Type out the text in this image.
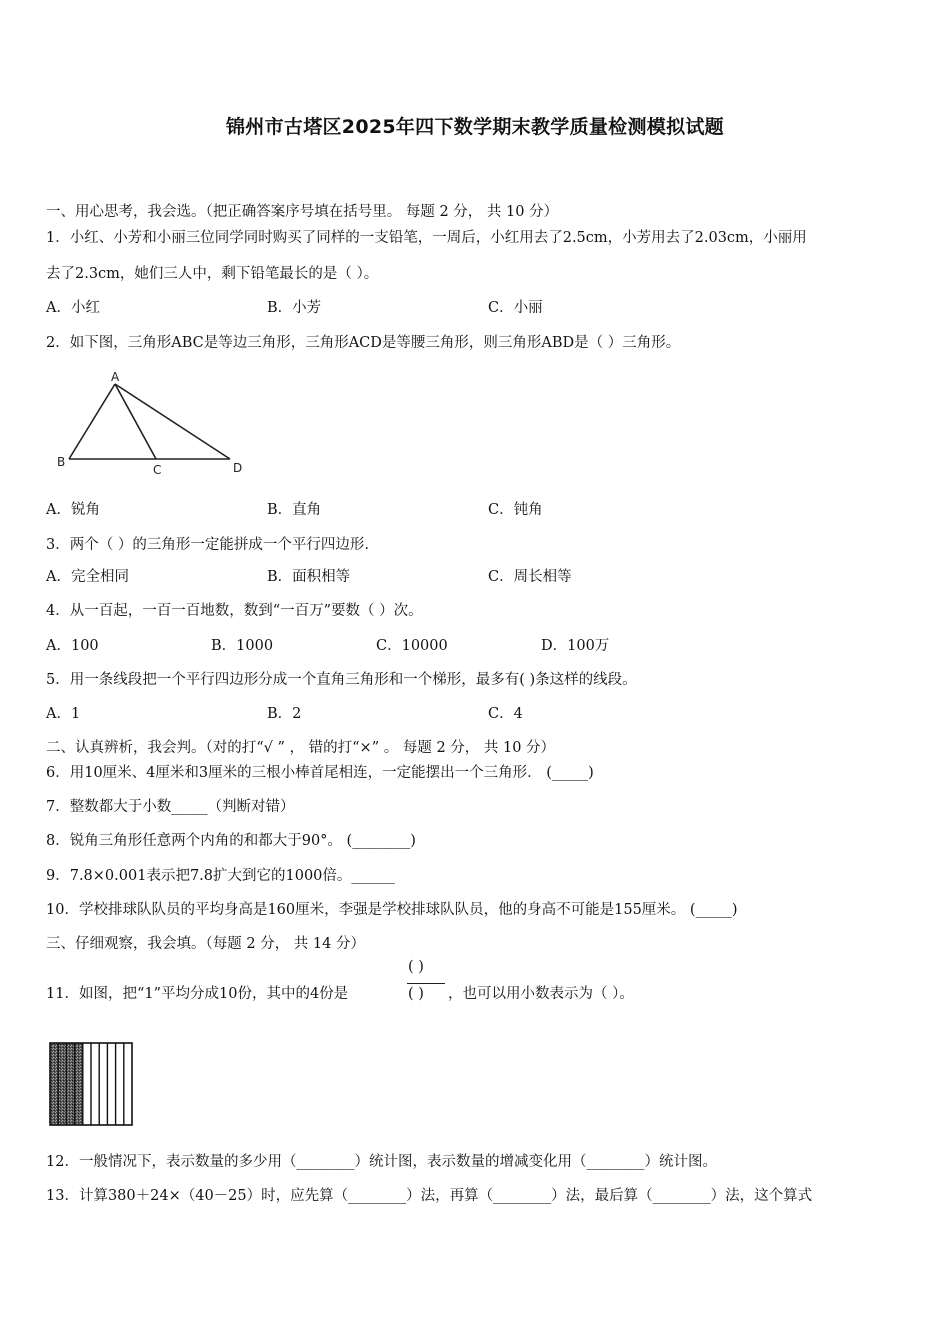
锦州市古塔区2025年四下数学期末教学质量检测模拟试题
一、用心思考，我会选。（把正确答案序号填在括号里。 每题 2 分， 共 10 分）
1．小红、小芳和小丽三位同学同时购买了同样的一支铅笔，一周后，小红用去了2.5cm，小芳用去了2.03cm，小丽用
去了2.3cm，她们三人中，剩下铅笔最长的是（ ）。
A．小红	B．小芳	C．小丽
2．如下图，三角形ABC是等边三角形，三角形ACD是等腰三角形，则三角形ABD是（ ）三角形。
A
B
C	D
A．锐角	B．直角	C．钝角
3．两个（ ）的三角形一定能拼成一个平行四边形.
A．完全相同	B．面积相等	C．周长相等
4．从一百起，一百一百地数，数到“一百万”要数（ ）次。
A．100	B．1000	C．10000	D．100万
5．用一条线段把一个平行四边形分成一个直角三角形和一个梯形，最多有( )条这样的线段。
A．1	B．2	C．4
二、认真辨析，我会判。（对的打“√ ” ， 错的打“×” 。 每题 2 分， 共 10 分）
6．用10厘米、4厘米和3厘米的三根小棒首尾相连，一定能摆出一个三角形． (_____)
7．整数都大于小数_____（判断对错）
8．锐角三角形任意两个内角的和都大于90°。 (________)
9．7.8×0.001表示把7.8扩大到它的1000倍。______
10．学校排球队队员的平均身高是160厘米，李强是学校排球队队员，他的身高不可能是155厘米。 (_____)
三、仔细观察，我会填。（每题 2 分， 共 14 分）
11．如图，把“1”平均分成10份，其中的4份是
( )
( ) ，也可以用小数表示为（ ）。
12．一般情况下，表示数量的多少用（________）统计图，表示数量的增减变化用（________）统计图。
13．计算380＋24×（40－25）时，应先算（________）法，再算（________）法，最后算（________）法，这个算式
